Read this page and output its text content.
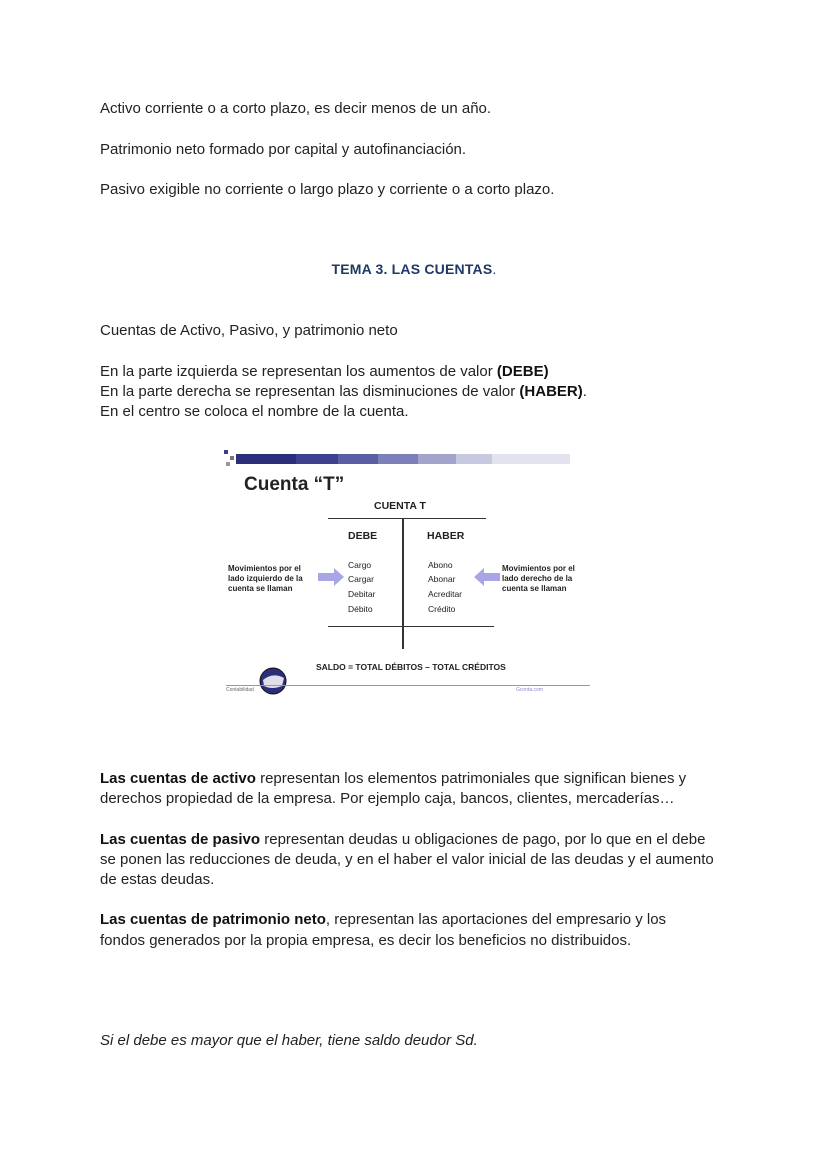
Activo corriente o a corto plazo, es decir menos de un año.

Patrimonio neto formado por capital y autofinanciación.

Pasivo exigible no corriente o largo plazo y corriente o a corto plazo.

TEMA 3. LAS CUENTAS.

Cuentas de Activo, Pasivo, y patrimonio neto

En la parte izquierda se representan los aumentos de valor (DEBE)

En la parte derecha se representan las disminuciones de valor (HABER).

En el centro se coloca el nombre de la cuenta.

Cuenta “T”
CUENTA T
DEBE	HABER
Cargo
Cargar
Debitar
Débito
Abono
Abonar
Acreditar
Crédito
Movimientos por el
lado izquierdo de la
cuenta se llaman
Movimientos por el
lado derecho de la
cuenta se llaman
SALDO = TOTAL DÉBITOS – TOTAL CRÉDITOS
Contabilidad	Gconta.com

Las cuentas de activo representan los elementos patrimoniales que significan bienes y

derechos propiedad de la empresa. Por ejemplo caja, bancos, clientes, mercaderías…

Las cuentas de pasivo representan deudas u obligaciones de pago, por lo que en el debe

se ponen las reducciones de deuda, y en el haber el valor inicial de las deudas y el aumento

de estas deudas.

Las cuentas de patrimonio neto, representan las aportaciones del empresario y los

fondos generados por la propia empresa, es decir los beneficios no distribuidos.

Si el debe es mayor que el haber, tiene saldo deudor Sd.
